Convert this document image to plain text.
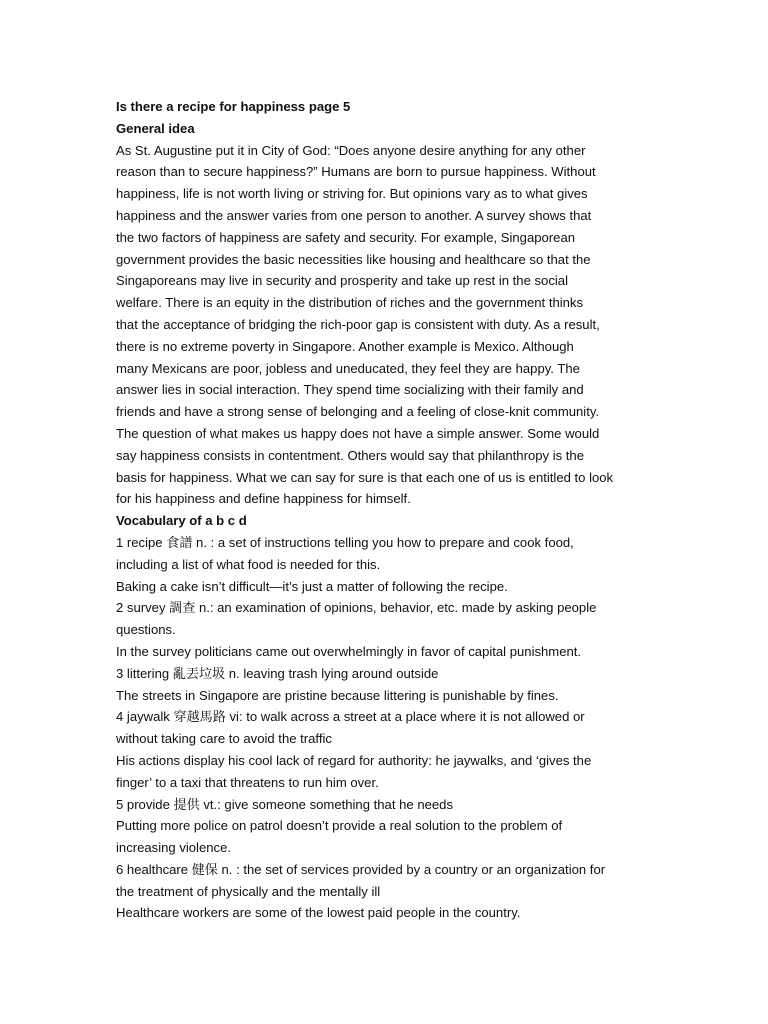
Is there a recipe for happiness page 5
General idea
As St. Augustine put it in City of God: “Does anyone desire anything for any other
reason than to secure happiness?” Humans are born to pursue happiness. Without
happiness, life is not worth living or striving for. But opinions vary as to what gives
happiness and the answer varies from one person to another. A survey shows that
the two factors of happiness are safety and security. For example, Singaporean
government provides the basic necessities like housing and healthcare so that the
Singaporeans may live in security and prosperity and take up rest in the social
welfare. There is an equity in the distribution of riches and the government thinks
that the acceptance of bridging the rich-poor gap is consistent with duty. As a result,
there is no extreme poverty in Singapore. Another example is Mexico. Although
many Mexicans are poor, jobless and uneducated, they feel they are happy. The
answer lies in social interaction. They spend time socializing with their family and
friends and have a strong sense of belonging and a feeling of close-knit community.
The question of what makes us happy does not have a simple answer. Some would
say happiness consists in contentment. Others would say that philanthropy is the
basis for happiness. What we can say for sure is that each one of us is entitled to look
for his happiness and define happiness for himself.
Vocabulary of a b c d
1 recipe 食譜 n. : a set of instructions telling you how to prepare and cook food,
including a list of what food is needed for this.
Baking a cake isn’t difficult—it’s just a matter of following the recipe.
2 survey 調查 n.: an examination of opinions, behavior, etc. made by asking people
questions.
In the survey politicians came out overwhelmingly in favor of capital punishment.
3 littering 亂丟垃圾 n. leaving trash lying around outside
The streets in Singapore are pristine because littering is punishable by fines.
4 jaywalk 穿越馬路 vi: to walk across a street at a place where it is not allowed or
without taking care to avoid the traffic
His actions display his cool lack of regard for authority: he jaywalks, and ‘gives the
finger’ to a taxi that threatens to run him over.
5 provide 提供 vt.: give someone something that he needs
Putting more police on patrol doesn’t provide a real solution to the problem of
increasing violence.
6 healthcare 健保 n. : the set of services provided by a country or an organization for
the treatment of physically and the mentally ill
Healthcare workers are some of the lowest paid people in the country.
